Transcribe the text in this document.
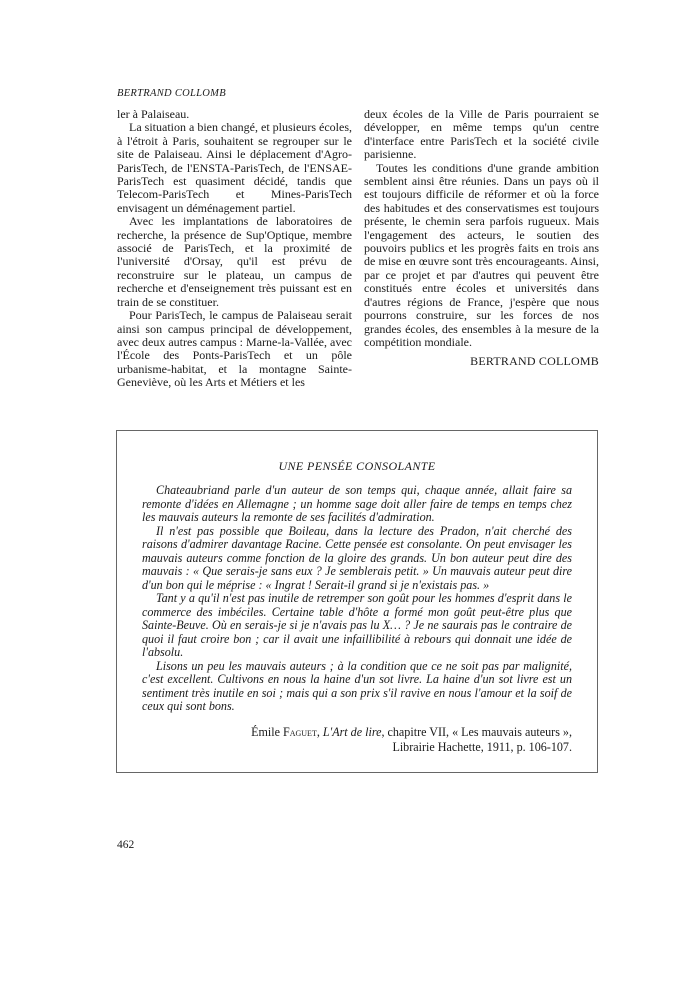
BERTRAND COLLOMB

ler à Palaiseau.

La situation a bien changé, et plusieurs écoles, à l'étroit à Paris, souhaitent se regrouper sur le site de Palaiseau. Ainsi le déplacement d'Agro-ParisTech, de l'ENSTA-ParisTech, de l'ENSAE-ParisTech est quasiment décidé, tandis que Telecom-ParisTech et Mines-ParisTech envisagent un déménagement partiel.

Avec les implantations de laboratoires de recherche, la présence de Sup'Optique, membre associé de ParisTech, et la proximité de l'université d'Orsay, qu'il est prévu de reconstruire sur le plateau, un campus de recherche et d'enseignement très puissant est en train de se constituer.

Pour ParisTech, le campus de Palaiseau serait ainsi son campus principal de développement, avec deux autres campus : Marne-la-Vallée, avec l'École des Ponts-ParisTech et un pôle urbanisme-habitat, et la montagne Sainte-Geneviève, où les Arts et Métiers et les

deux écoles de la Ville de Paris pourraient se développer, en même temps qu'un centre d'interface entre ParisTech et la société civile parisienne.

Toutes les conditions d'une grande ambition semblent ainsi être réunies. Dans un pays où il est toujours difficile de réformer et où la force des habitudes et des conservatismes est toujours présente, le chemin sera parfois rugueux. Mais l'engagement des acteurs, le soutien des pouvoirs publics et les progrès faits en trois ans de mise en œuvre sont très encourageants. Ainsi, par ce projet et par d'autres qui peuvent être constitués entre écoles et universités dans d'autres régions de France, j'espère que nous pourrons construire, sur les forces de nos grandes écoles, des ensembles à la mesure de la compétition mondiale.

BERTRAND COLLOMB
UNE PENSÉE CONSOLANTE

Chateaubriand parle d'un auteur de son temps qui, chaque année, allait faire sa remonte d'idées en Allemagne ; un homme sage doit aller faire de temps en temps chez les mauvais auteurs la remonte de ses facilités d'admiration.

Il n'est pas possible que Boileau, dans la lecture des Pradon, n'ait cherché des raisons d'admirer davantage Racine. Cette pensée est consolante. On peut envisager les mauvais auteurs comme fonction de la gloire des grands. Un bon auteur peut dire des mauvais : « Que serais-je sans eux ? Je semblerais petit. » Un mauvais auteur peut dire d'un bon qui le méprise : « Ingrat ! Serait-il grand si je n'existais pas. »

Tant y a qu'il n'est pas inutile de retremper son goût pour les hommes d'esprit dans le commerce des imbéciles. Certaine table d'hôte a formé mon goût peut-être plus que Sainte-Beuve. Où en serais-je si je n'avais pas lu X… ? Je ne saurais pas le contraire de quoi il faut croire bon ; car il avait une infaillibilité à rebours qui donnait une idée de l'absolu.

Lisons un peu les mauvais auteurs ; à la condition que ce ne soit pas par malignité, c'est excellent. Cultivons en nous la haine d'un sot livre. La haine d'un sot livre est un sentiment très inutile en soi ; mais qui a son prix s'il ravive en nous l'amour et la soif de ceux qui sont bons.

Émile Faguet, L'Art de lire, chapitre VII, « Les mauvais auteurs »,
Librairie Hachette, 1911, p. 106-107.
462
